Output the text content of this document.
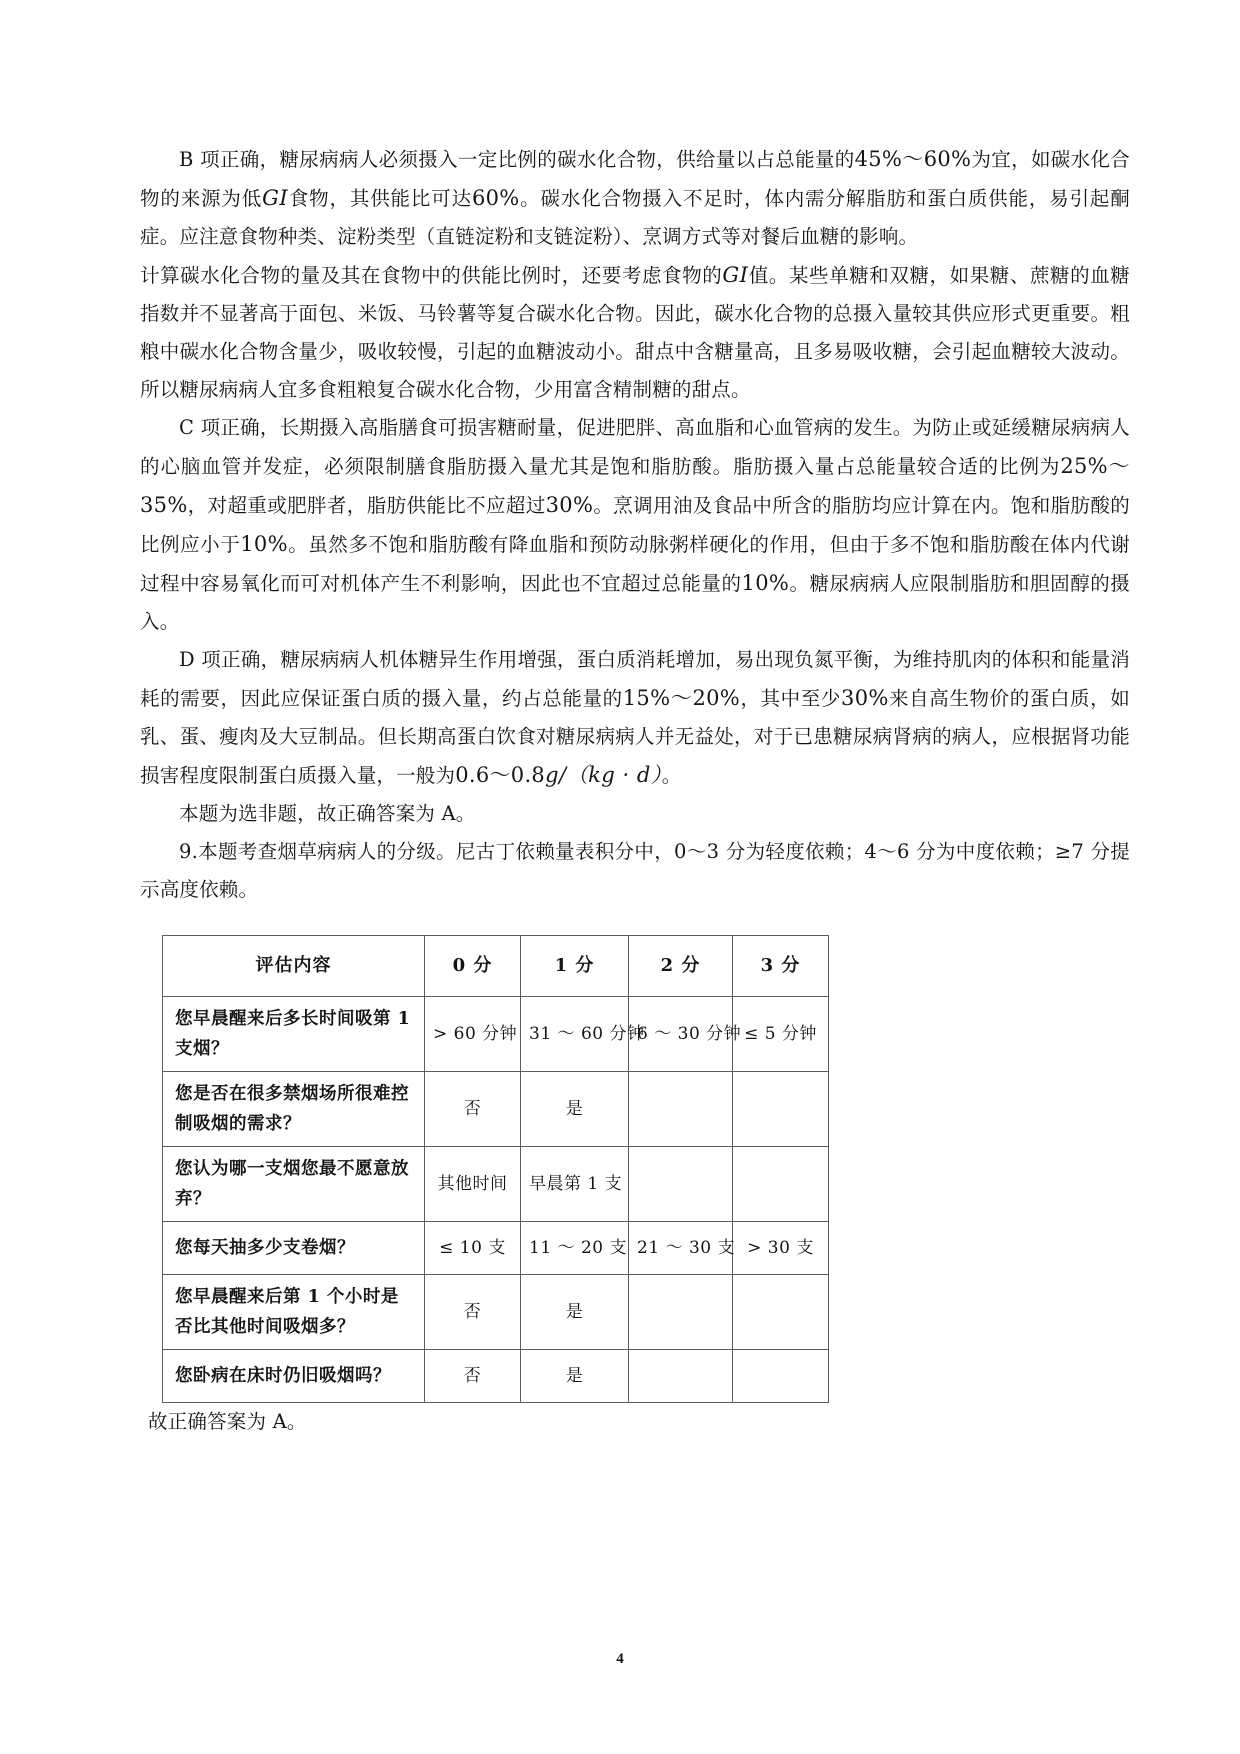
B 项正确，糖尿病病人必须摄入一定比例的碳水化合物，供给量以占总能量的45%～60%为宜，如碳水化合物的来源为低GI食物，其供能比可达60%。碳水化合物摄入不足时，体内需分解脂肪和蛋白质供能，易引起酮症。应注意食物种类、淀粉类型（直链淀粉和支链淀粉）、烹调方式等对餐后血糖的影响。

计算碳水化合物的量及其在食物中的供能比例时，还要考虑食物的GI值。某些单糖和双糖，如果糖、蔗糖的血糖指数并不显著高于面包、米饭、马铃薯等复合碳水化合物。因此，碳水化合物的总摄入量较其供应形式更重要。粗粮中碳水化合物含量少，吸收较慢，引起的血糖波动小。甜点中含糖量高，且多易吸收糖，会引起血糖较大波动。所以糖尿病病人宜多食粗粮复合碳水化合物，少用富含精制糖的甜点。

C 项正确，长期摄入高脂膳食可损害糖耐量，促进肥胖、高血脂和心血管病的发生。为防止或延缓糖尿病病人的心脑血管并发症，必须限制膳食脂肪摄入量尤其是饱和脂肪酸。脂肪摄入量占总能量较合适的比例为25%～35%，对超重或肥胖者，脂肪供能比不应超过30%。烹调用油及食品中所含的脂肪均应计算在内。饱和脂肪酸的比例应小于10%。虽然多不饱和脂肪酸有降血脂和预防动脉粥样硬化的作用，但由于多不饱和脂肪酸在体内代谢过程中容易氧化而可对机体产生不利影响，因此也不宜超过总能量的10%。糖尿病病人应限制脂肪和胆固醇的摄入。

D 项正确，糖尿病病人机体糖异生作用增强，蛋白质消耗增加，易出现负氮平衡，为维持肌肉的体积和能量消耗的需要，因此应保证蛋白质的摄入量，约占总能量的15%～20%，其中至少30%来自高生物价的蛋白质，如乳、蛋、瘦肉及大豆制品。但长期高蛋白饮食对糖尿病病人并无益处，对于已患糖尿病肾病的病人，应根据肾功能损害程度限制蛋白质摄入量，一般为0.6～0.8g/（kg · d）。

本题为选非题，故正确答案为 A。

9.本题考查烟草病病人的分级。尼古丁依赖量表积分中，0～3 分为轻度依赖；4～6 分为中度依赖；≥7 分提示高度依赖。

评估内容	0 分	1 分	2 分	3 分
您早晨醒来后多长时间吸第 1 支烟？	> 60 分钟	31 ～ 60 分钟	6 ～ 30 分钟	≤ 5 分钟
您是否在很多禁烟场所很难控制吸烟的需求？	否	是		
您认为哪一支烟您最不愿意放弃？	其他时间	早晨第 1 支		
您每天抽多少支卷烟？	≤ 10 支	11 ～ 20 支	21 ～ 30 支	> 30 支
您早晨醒来后第 1 个小时是否比其他时间吸烟多？	否	是		
您卧病在床时仍旧吸烟吗？	否	是		

故正确答案为 A。

4
